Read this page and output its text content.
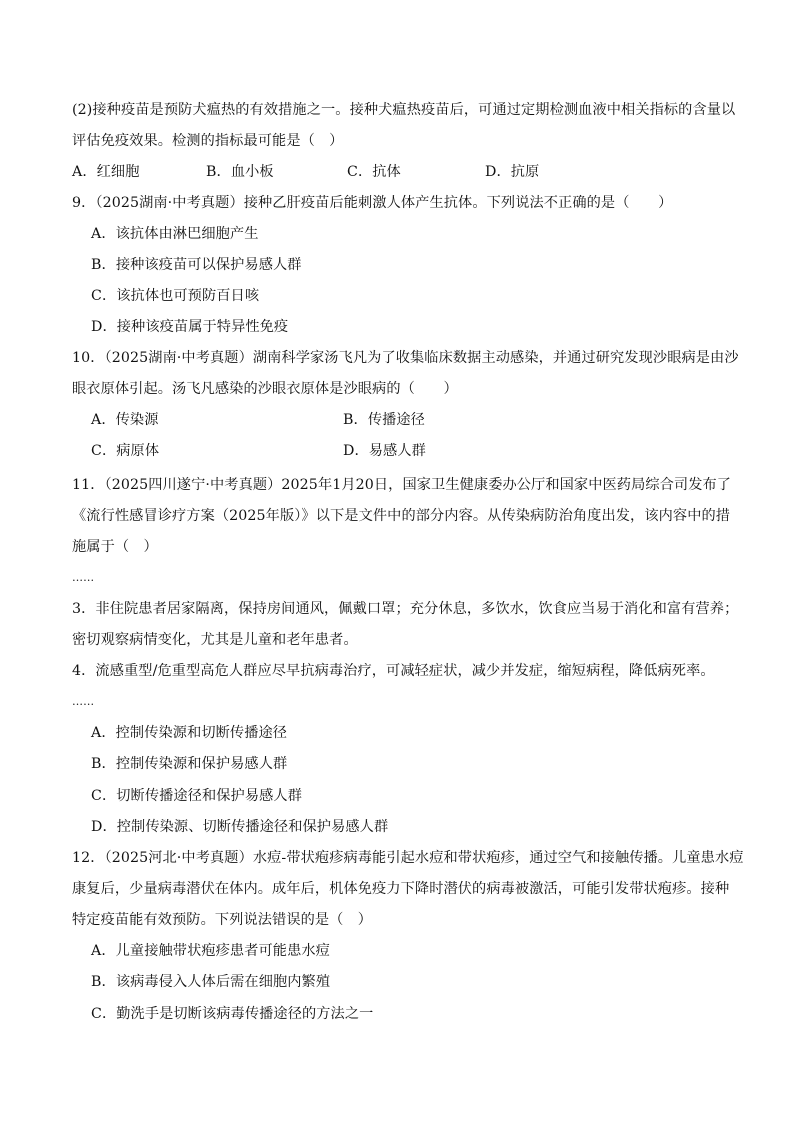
(2)接种疫苗是预防犬瘟热的有效措施之一。接种犬瘟热疫苗后，可通过定期检测血液中相关指标的含量以
评估免疫效果。检测的指标最可能是（　）
A．红细胞	B．血小板	C．抗体	D．抗原
9．（2025湖南·中考真题）接种乙肝疫苗后能刺激人体产生抗体。下列说法不正确的是（　　）
A．该抗体由淋巴细胞产生
B．接种该疫苗可以保护易感人群
C．该抗体也可预防百日咳
D．接种该疫苗属于特异性免疫
10．（2025湖南·中考真题）湖南科学家汤飞凡为了收集临床数据主动感染，并通过研究发现沙眼病是由沙
眼衣原体引起。汤飞凡感染的沙眼衣原体是沙眼病的（　　）
A．传染源	B．传播途径
C．病原体	D．易感人群
11．（2025四川遂宁·中考真题）2025年1月20日，国家卫生健康委办公厅和国家中医药局综合司发布了
《流行性感冒诊疗方案（2025年版）》以下是文件中的部分内容。从传染病防治角度出发，该内容中的措
施属于（　）
……
3．非住院患者居家隔离，保持房间通风，佩戴口罩；充分休息，多饮水，饮食应当易于消化和富有营养；
密切观察病情变化，尤其是儿童和老年患者。
4．流感重型/危重型高危人群应尽早抗病毒治疗，可减轻症状，减少并发症，缩短病程，降低病死率。
……
A．控制传染源和切断传播途径
B．控制传染源和保护易感人群
C．切断传播途径和保护易感人群
D．控制传染源、切断传播途径和保护易感人群
12．（2025河北·中考真题）水痘-带状疱疹病毒能引起水痘和带状疱疹，通过空气和接触传播。儿童患水痘
康复后，少量病毒潜伏在体内。成年后，机体免疫力下降时潜伏的病毒被激活，可能引发带状疱疹。接种
特定疫苗能有效预防。下列说法错误的是（　）
A．儿童接触带状疱疹患者可能患水痘
B．该病毒侵入人体后需在细胞内繁殖
C．勤洗手是切断该病毒传播途径的方法之一
